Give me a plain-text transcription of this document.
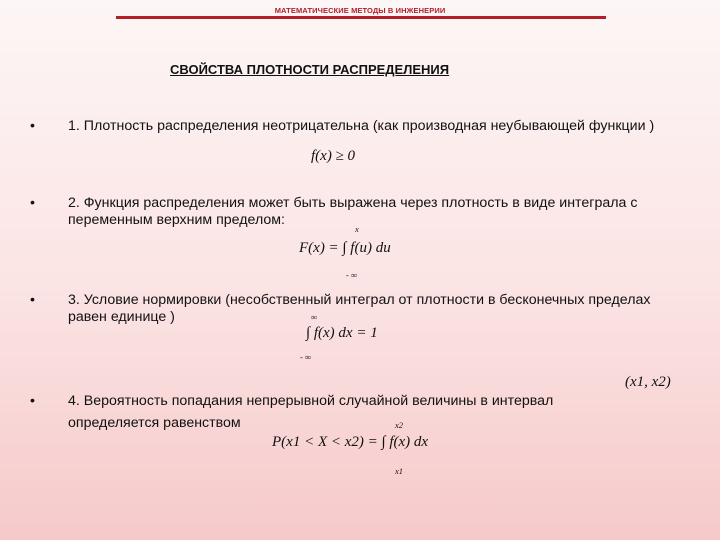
МАТЕМАТИЧЕСКИЕ МЕТОДЫ В ИНЖЕНЕРИИ
СВОЙСТВА ПЛОТНОСТИ РАСПРЕДЕЛЕНИЯ
• 1. Плотность распределения неотрицательна (как производная неубывающей функции )
f(x) ≥ 0
• 2. Функция распределения может быть выражена через плотность в виде интеграла с переменным верхним пределом:
x
F(x) = ∫ f(u) du
- ∞
• 3. Условие нормировки (несобственный интеграл от плотности в бесконечных пределах равен единице )	∞
∫ f(x) dx = 1
- ∞
(x1, x2)
• 4. Вероятность попадания непрерывной случайной величины в интервал
определяется равенством	x2
P(x1 < X < x2) = ∫ f(x) dx
x1
